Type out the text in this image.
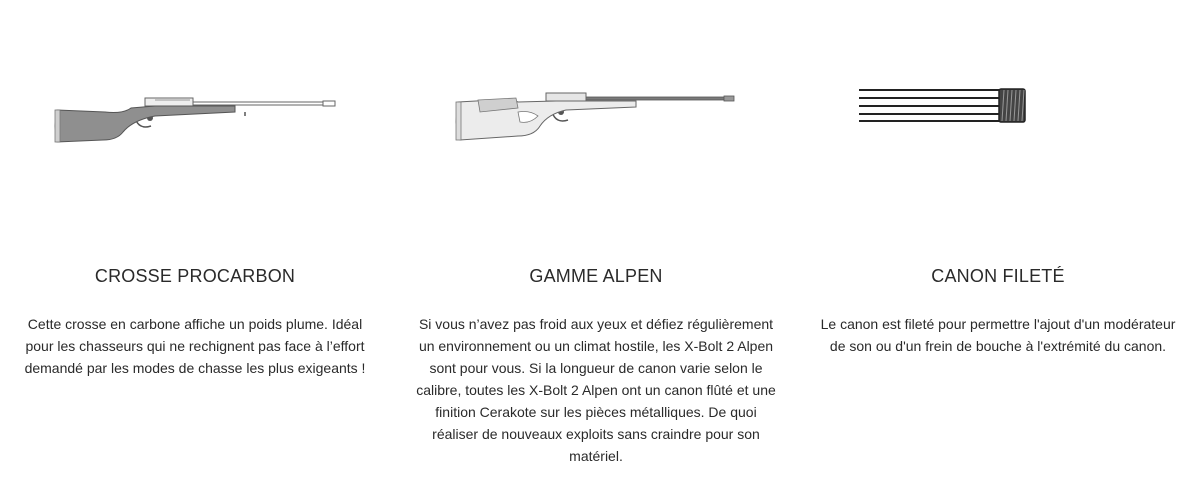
CROSSE PROCARBON

Cette crosse en carbone affiche un poids plume. Idéal pour les chasseurs qui ne rechignent pas face à l’effort demandé par les modes de chasse les plus exigeants !

GAMME ALPEN

Si vous n’avez pas froid aux yeux et défiez régulièrement un environnement ou un climat hostile, les X-Bolt 2 Alpen sont pour vous. Si la longueur de canon varie selon le calibre, toutes les X-Bolt 2 Alpen ont un canon flûté et une finition Cerakote sur les pièces métalliques. De quoi réaliser de nouveaux exploits sans craindre pour son matériel.

CANON FILETÉ

Le canon est fileté pour permettre l'ajout d'un modérateur de son ou d'un frein de bouche à l'extrémité du canon.
